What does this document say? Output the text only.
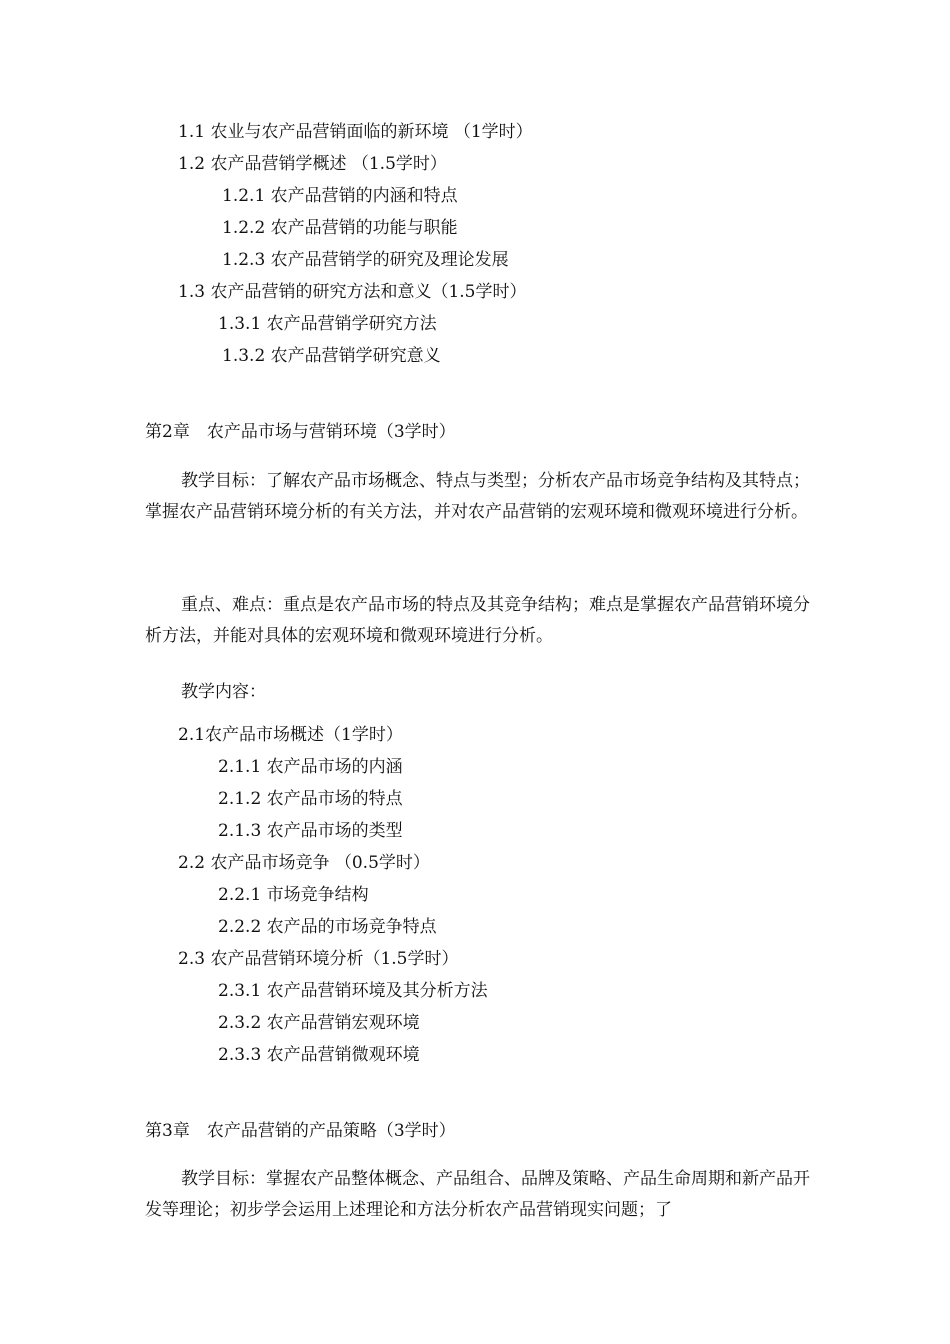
1.1 农业与农产品营销面临的新环境 （1学时）
1.2 农产品营销学概述 （1.5学时）
1.2.1 农产品营销的内涵和特点
1.2.2 农产品营销的功能与职能
1.2.3 农产品营销学的研究及理论发展
1.3 农产品营销的研究方法和意义（1.5学时）
1.3.1 农产品营销学研究方法
1.3.2 农产品营销学研究意义
第2章　农产品市场与营销环境（3学时）
教学目标：了解农产品市场概念、特点与类型；分析农产品市场竞争结构及其特点；掌握农产品营销环境分析的有关方法，并对农产品营销的宏观环境和微观环境进行分析。
重点、难点：重点是农产品市场的特点及其竞争结构；难点是掌握农产品营销环境分析方法，并能对具体的宏观环境和微观环境进行分析。
教学内容：
2.1农产品市场概述（1学时）
2.1.1 农产品市场的内涵
2.1.2 农产品市场的特点
2.1.3 农产品市场的类型
2.2 农产品市场竞争 （0.5学时）
2.2.1 市场竞争结构
2.2.2 农产品的市场竞争特点
2.3 农产品营销环境分析（1.5学时）
2.3.1 农产品营销环境及其分析方法
2.3.2 农产品营销宏观环境
2.3.3 农产品营销微观环境
第3章　农产品营销的产品策略（3学时）
教学目标：掌握农产品整体概念、产品组合、品牌及策略、产品生命周期和新产品开发等理论；初步学会运用上述理论和方法分析农产品营销现实问题；了
